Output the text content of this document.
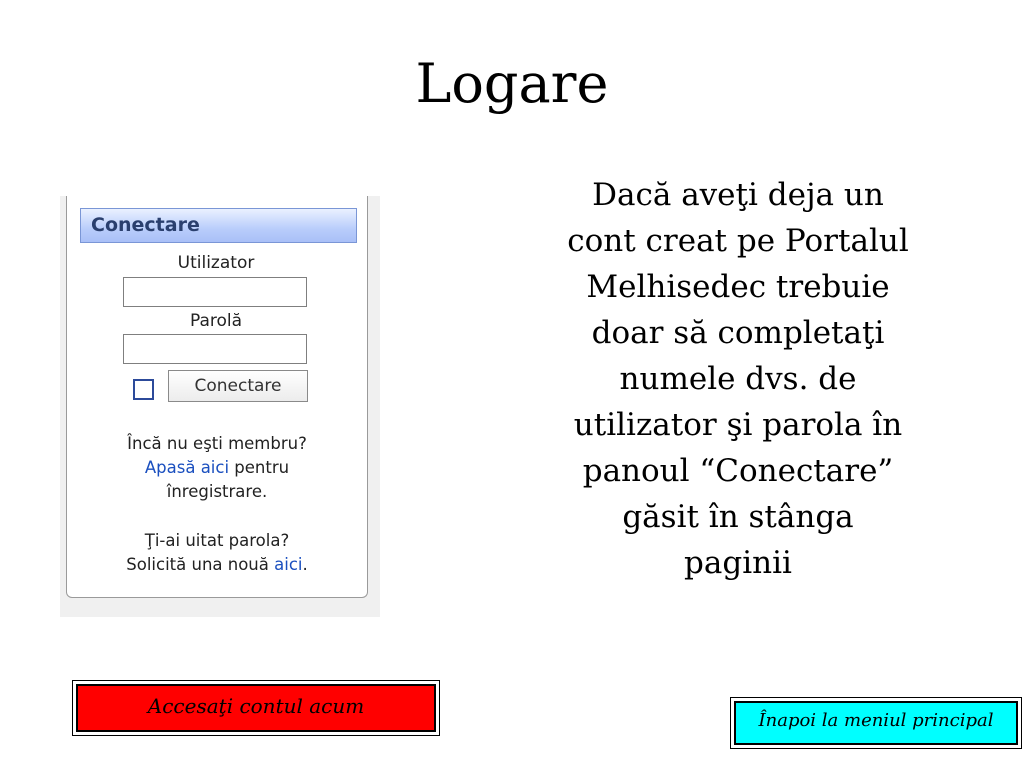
Logare
Dacă aveţi deja un
cont creat pe Portalul
Melhisedec trebuie
doar să completaţi
numele dvs. de
utilizator şi parola în
panoul “Conectare”
găsit în stânga
paginii
Conectare
Utilizator
Parolă
Conectare
Încă nu eşti membru?
Apasă aici pentru
înregistrare.
Ţi-ai uitat parola?
Solicită una nouă aici.
Accesaţi contul acum
Înapoi la meniul principal
